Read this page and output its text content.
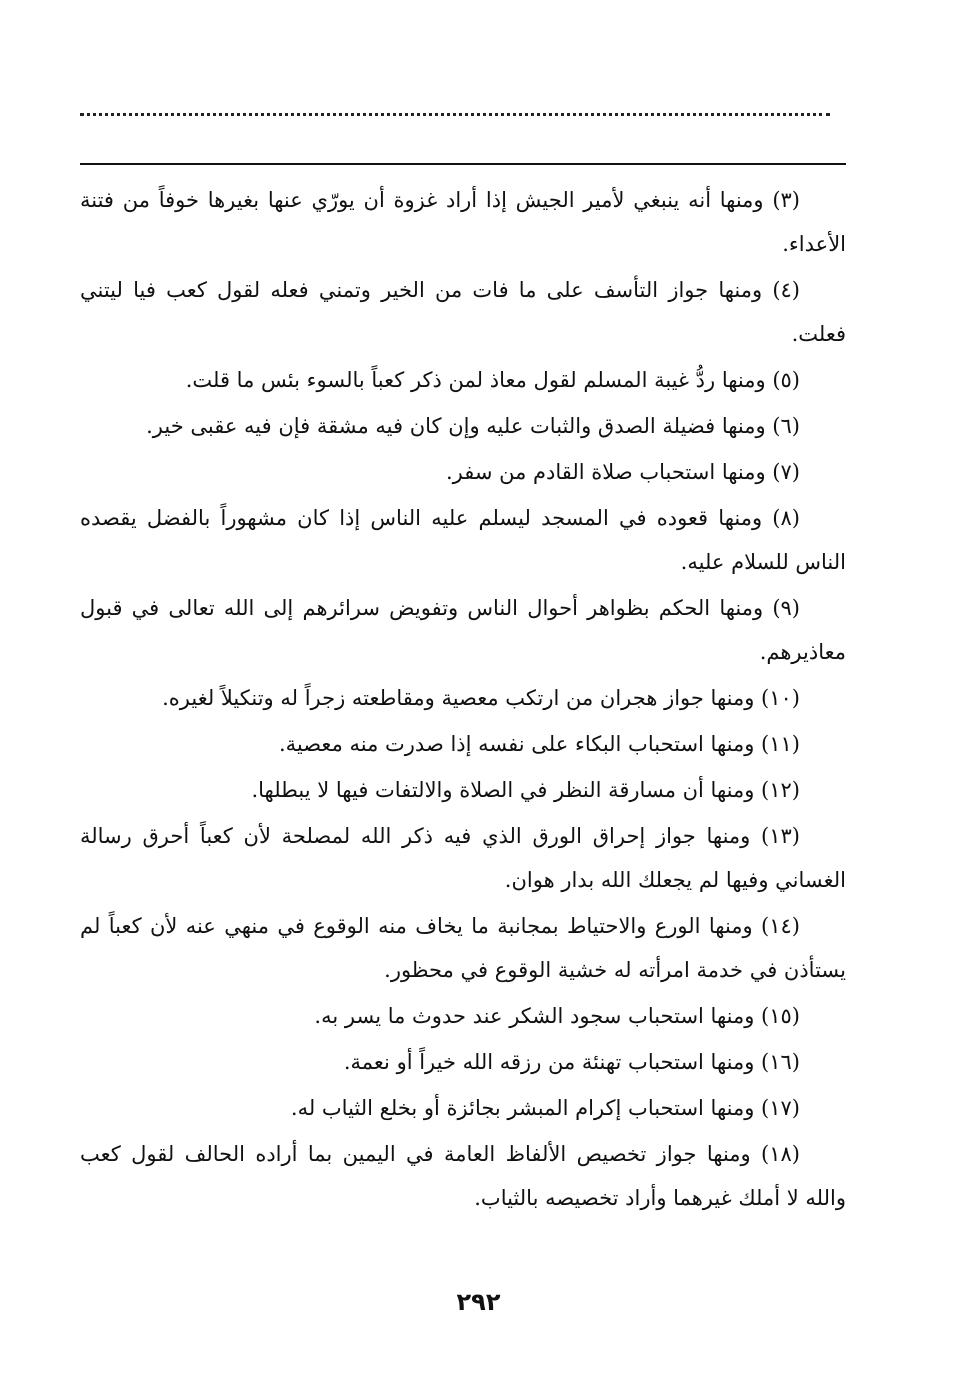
(٣) ومنها أنه ينبغي لأمير الجيش إذا أراد غزوة أن يورّي عنها بغيرها خوفاً من فتنة الأعداء.

(٤) ومنها جواز التأسف على ما فات من الخير وتمني فعله لقول كعب فيا ليتني فعلت.

(٥) ومنها ردُّ غيبة المسلم لقول معاذ لمن ذكر كعباً بالسوء بئس ما قلت.

(٦) ومنها فضيلة الصدق والثبات عليه وإن كان فيه مشقة فإن فيه عقبى خير.

(٧) ومنها استحباب صلاة القادم من سفر.

(٨) ومنها قعوده في المسجد ليسلم عليه الناس إذا كان مشهوراً بالفضل يقصده الناس للسلام عليه.

(٩) ومنها الحكم بظواهر أحوال الناس وتفويض سرائرهم إلى الله تعالى في قبول معاذيرهم.

(١٠) ومنها جواز هجران من ارتكب معصية ومقاطعته زجراً له وتنكيلاً لغيره.

(١١) ومنها استحباب البكاء على نفسه إذا صدرت منه معصية.

(١٢) ومنها أن مسارقة النظر في الصلاة والالتفات فيها لا يبطلها.

(١٣) ومنها جواز إحراق الورق الذي فيه ذكر الله لمصلحة لأن كعباً أحرق رسالة الغساني وفيها لم يجعلك الله بدار هوان.

(١٤) ومنها الورع والاحتياط بمجانبة ما يخاف منه الوقوع في منهي عنه لأن كعباً لم يستأذن في خدمة امرأته له خشية الوقوع في محظور.

(١٥) ومنها استحباب سجود الشكر عند حدوث ما يسر به.

(١٦) ومنها استحباب تهنئة من رزقه الله خيراً أو نعمة.

(١٧) ومنها استحباب إكرام المبشر بجائزة أو بخلع الثياب له.

(١٨) ومنها جواز تخصيص الألفاظ العامة في اليمين بما أراده الحالف لقول كعب والله لا أملك غيرهما وأراد تخصيصه بالثياب.

٢٩٢
